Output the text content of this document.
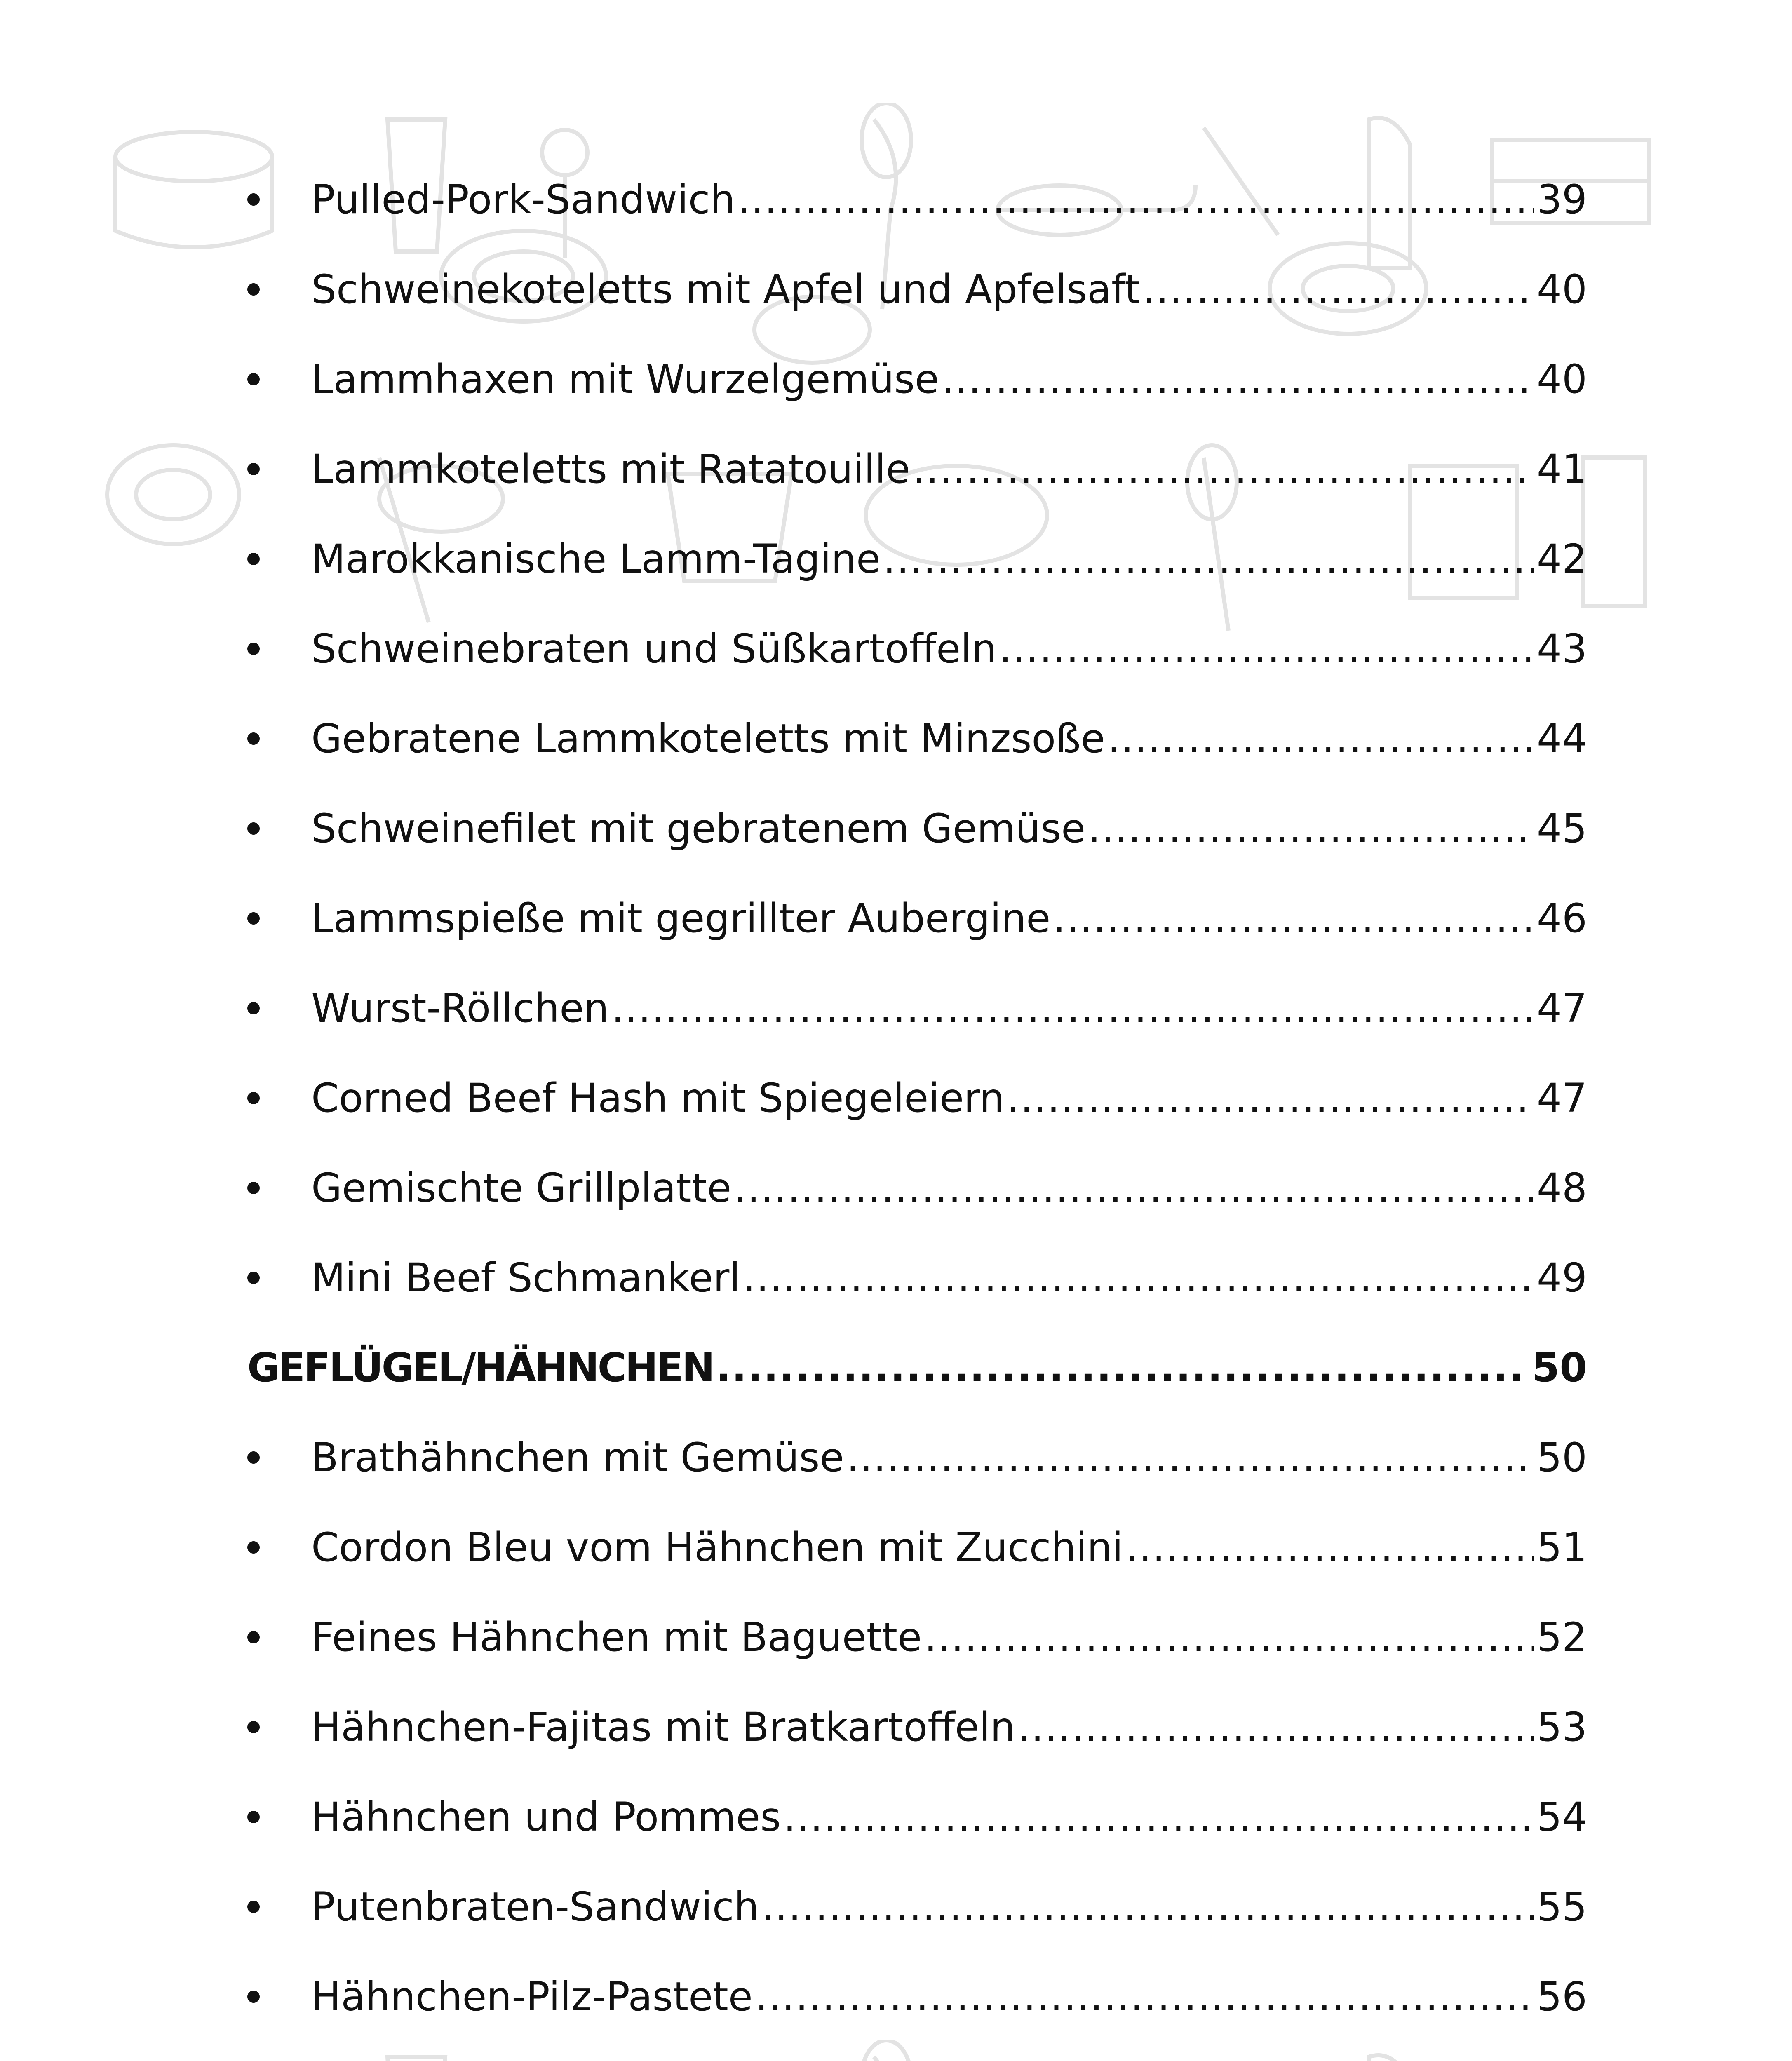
Pulled-Pork-Sandwich .....	39
Schweinekoteletts mit Apfel und Apfelsaft .....	40
Lammhaxen mit Wurzelgemüse .....	40
Lammkoteletts mit Ratatouille .....	41
Marokkanische Lamm-Tagine .....	42
Schweinebraten und Süßkartoffeln .....	43
Gebratene Lammkoteletts mit Minzsoße .....	44
Schweinefilet mit gebratenem Gemüse .....	45
Lammspieße mit gegrillter Aubergine .....	46
Wurst-Röllchen .....	47
Corned Beef Hash mit Spiegeleiern .....	47
Gemischte Grillplatte .....	48
Mini Beef Schmankerl .....	49
GEFLÜGEL/HÄHNCHEN .....	50
Brathähnchen mit Gemüse .....	50
Cordon Bleu vom Hähnchen mit Zucchini .....	51
Feines Hähnchen mit Baguette .....	52
Hähnchen-Fajitas mit Bratkartoffeln .....	53
Hähnchen und Pommes .....	54
Putenbraten-Sandwich .....	55
Hähnchen-Pilz-Pastete .....	56
